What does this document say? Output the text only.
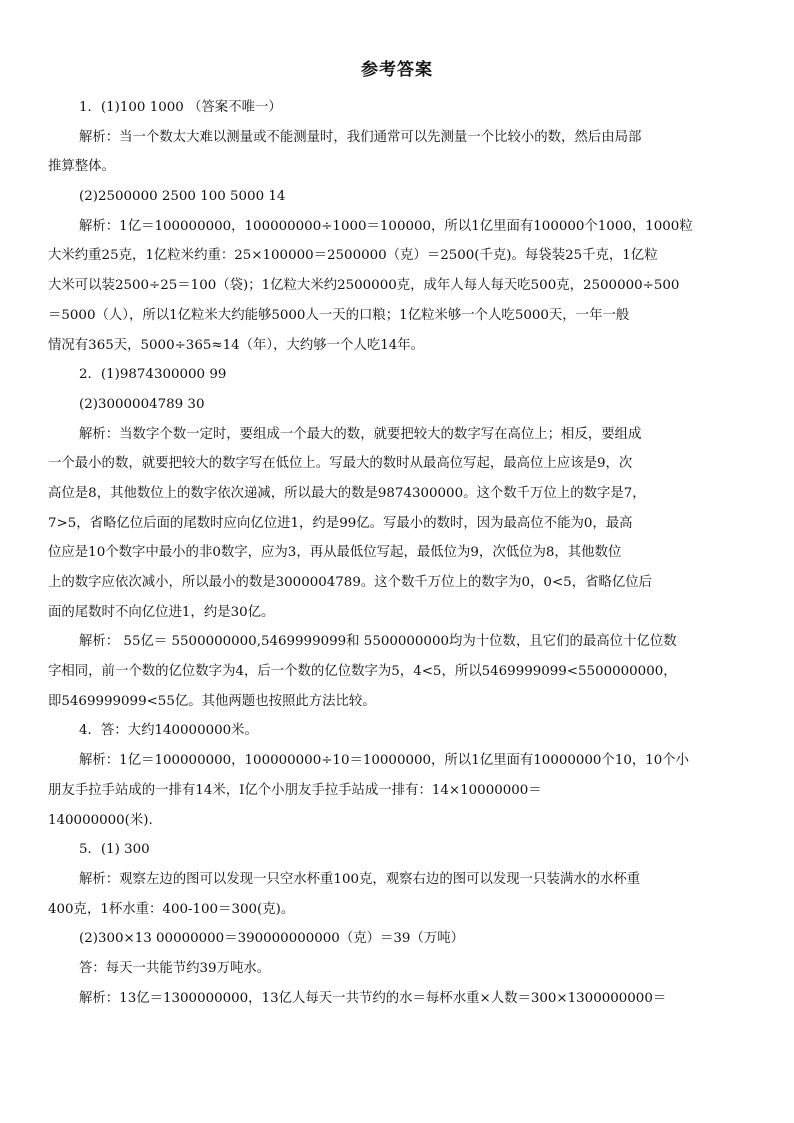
参考答案
1．(1)100 1000 （答案不唯一）
解析：当一个数太大难以测量或不能测量时，我们通常可以先测量一个比较小的数，然后由局部
推算整体。
(2)2500000 2500 100 5000 14
解析：1亿＝100000000，100000000÷1000＝100000，所以1亿里面有100000个1000，1000粒
大米约重25克，1亿粒米约重：25×100000＝2500000（克）＝2500(千克)。每袋装25千克，1亿粒
大米可以装2500÷25＝100（袋)；1亿粒大米约2500000克，成年人每人每天吃500克，2500000÷500
＝5000（人），所以1亿粒米大约能够5000人一天的口粮；1亿粒米够一个人吃5000天，一年一般
情况有365天，5000÷365≈14（年），大约够一个人吃14年。
2．(1)9874300000 99
(2)3000004789 30
解析：当数字个数一定时，要组成一个最大的数，就要把较大的数字写在高位上；相反，要组成
一个最小的数，就要把较大的数字写在低位上。写最大的数时从最高位写起，最高位上应该是9，次
高位是8，其他数位上的数字依次递减，所以最大的数是9874300000。这个数千万位上的数字是7，
7>5，省略亿位后面的尾数时应向亿位进1，约是99亿。写最小的数时，因为最高位不能为0，最高
位应是10个数字中最小的非0数字，应为3，再从最低位写起，最低位为9，次低位为8，其他数位
上的数字应依次减小，所以最小的数是3000004789。这个数千万位上的数字为0，0<5，省略亿位后
面的尾数时不向亿位进1，约是30亿。
解析： 55亿＝ 5500000000,5469999099和 5500000000均为十位数，且它们的最高位十亿位数
字相同，前一个数的亿位数字为4，后一个数的亿位数字为5，4<5，所以5469999099<5500000000，
即5469999099<55亿。其他两题也按照此方法比较。
4．答：大约140000000米。
解析：1亿＝100000000，100000000÷10＝10000000，所以1亿里面有10000000个10，10个小
朋友手拉手站成的一排有14米，I亿个小朋友手拉手站成一排有：14×10000000＝
140000000(米).
5．(1) 300
解析：观察左边的图可以发现一只空水杯重100克，观察右边的图可以发现一只装满水的水杯重
400克，1杯水重：400-100＝300(克)。
(2)300×13 00000000＝390000000000（克）＝39（万吨）
答：每天一共能节约39万吨水。
解析：13亿＝1300000000，13亿人每天一共节约的水＝每杯水重×人数＝300×1300000000＝
